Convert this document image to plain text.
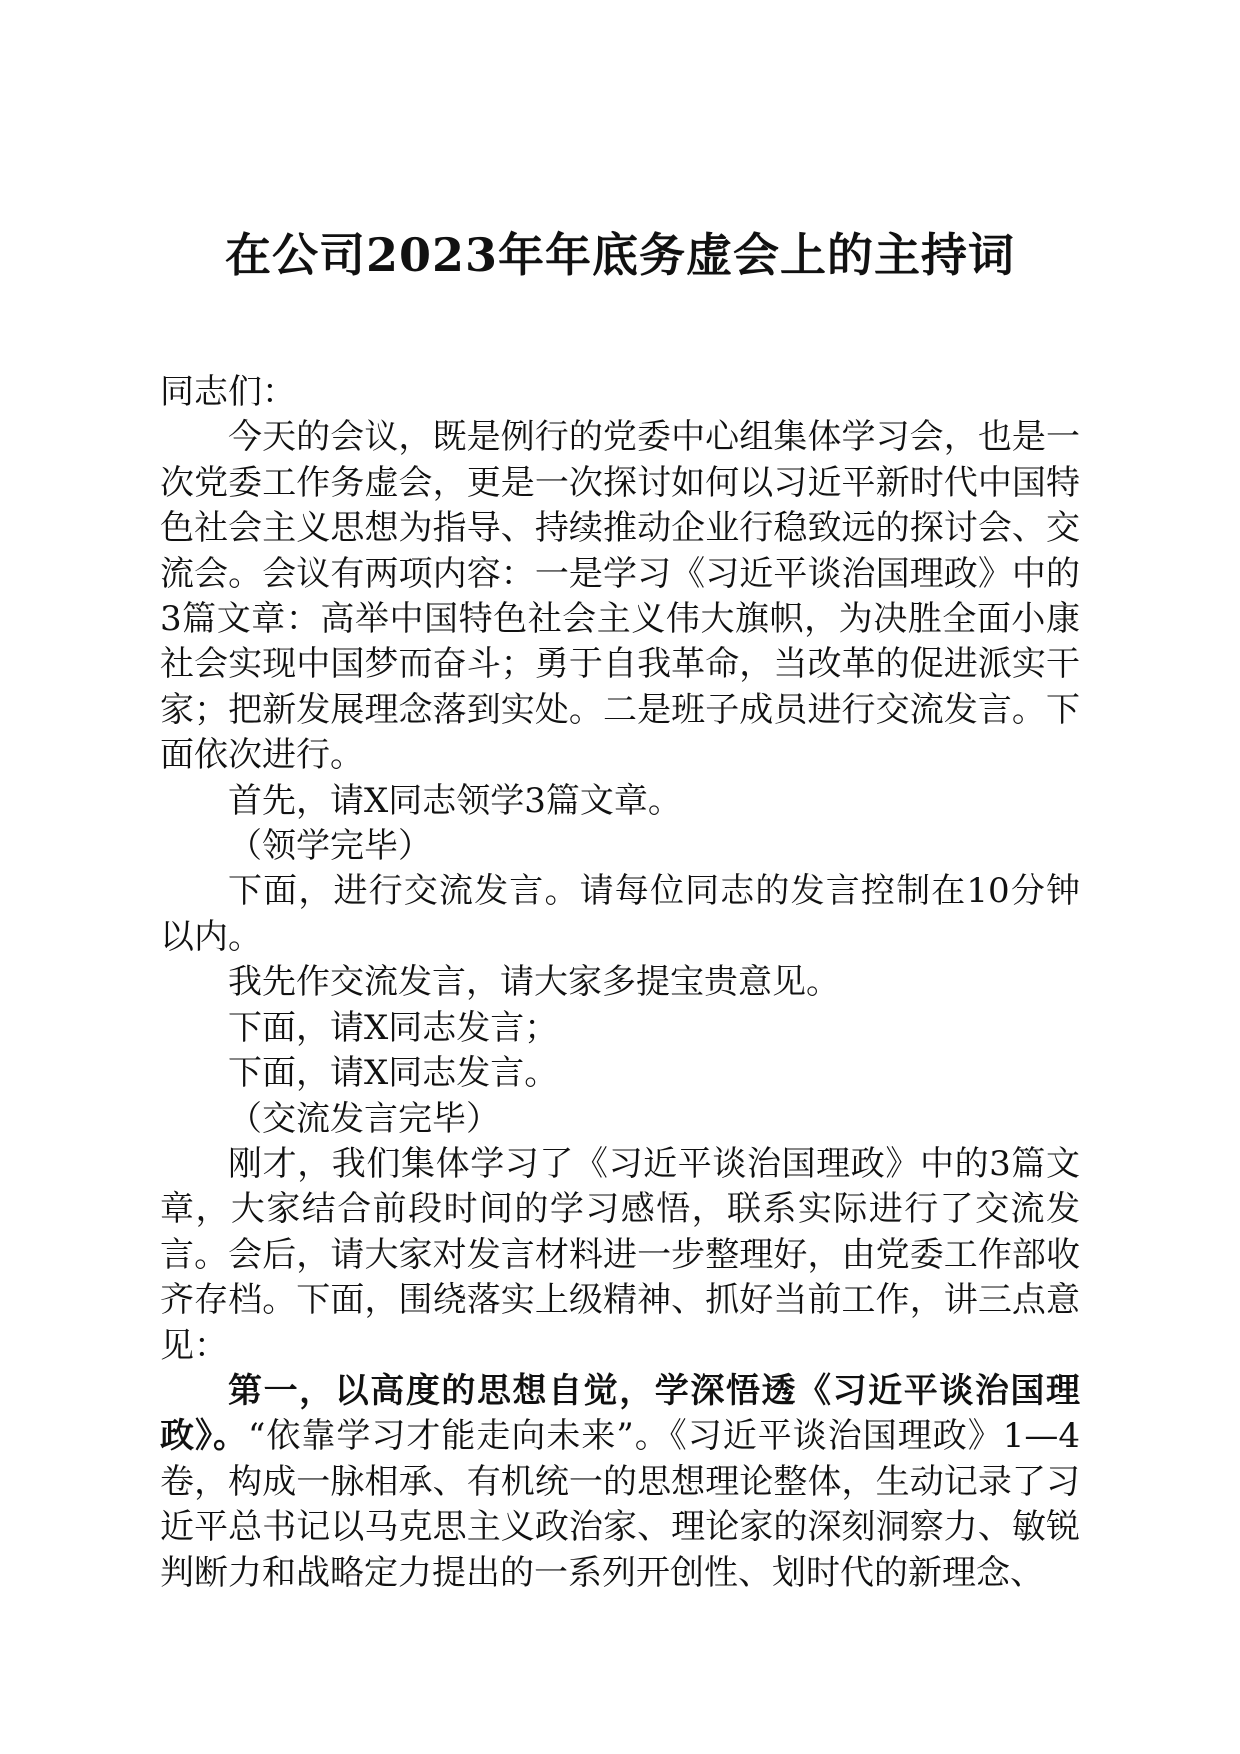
在公司2023年年底务虚会上的主持词

同志们：

今天的会议，既是例行的党委中心组集体学习会，也是一次党委工作务虚会，更是一次探讨如何以习近平新时代中国特色社会主义思想为指导、持续推动企业行稳致远的探讨会、交流会。会议有两项内容：一是学习《习近平谈治国理政》中的3篇文章：高举中国特色社会主义伟大旗帜，为决胜全面小康社会实现中国梦而奋斗；勇于自我革命，当改革的促进派实干家；把新发展理念落到实处。二是班子成员进行交流发言。下面依次进行。

首先，请X同志领学3篇文章。

（领学完毕）

下面，进行交流发言。请每位同志的发言控制在10分钟以内。

我先作交流发言，请大家多提宝贵意见。

下面，请X同志发言；

下面，请X同志发言。

（交流发言完毕）

刚才，我们集体学习了《习近平谈治国理政》中的3篇文章，大家结合前段时间的学习感悟，联系实际进行了交流发言。会后，请大家对发言材料进一步整理好，由党委工作部收齐存档。下面，围绕落实上级精神、抓好当前工作，讲三点意见：

第一，以高度的思想自觉，学深悟透《习近平谈治国理政》。“依靠学习才能走向未来”。《习近平谈治国理政》1—4卷，构成一脉相承、有机统一的思想理论整体，生动记录了习近平总书记以马克思主义政治家、理论家的深刻洞察力、敏锐判断力和战略定力提出的一系列开创性、划时代的新理念、
